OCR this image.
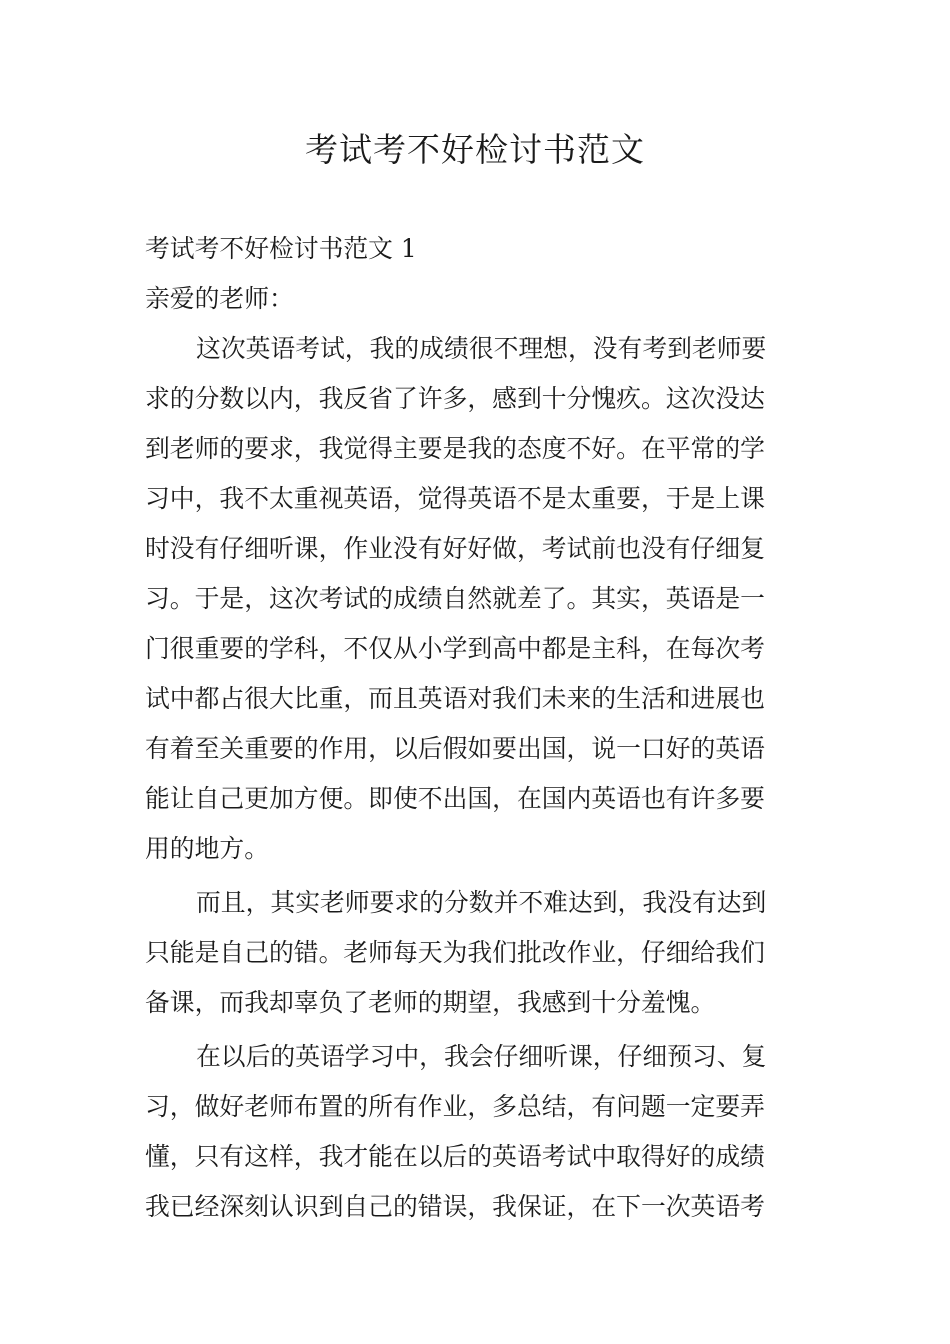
考试考不好检讨书范文
考试考不好检讨书范文 1
亲爱的老师：
这次英语考试，我的成绩很不理想，没有考到老师要
求的分数以内，我反省了许多，感到十分愧疚。这次没达
到老师的要求，我觉得主要是我的态度不好。在平常的学
习中，我不太重视英语，觉得英语不是太重要，于是上课
时没有仔细听课，作业没有好好做，考试前也没有仔细复
习。于是，这次考试的成绩自然就差了。其实，英语是一
门很重要的学科，不仅从小学到高中都是主科，在每次考
试中都占很大比重，而且英语对我们未来的生活和进展也
有着至关重要的作用，以后假如要出国，说一口好的英语
能让自己更加方便。即使不出国，在国内英语也有许多要
用的地方。
而且，其实老师要求的分数并不难达到，我没有达到
只能是自己的错。老师每天为我们批改作业，仔细给我们
备课，而我却辜负了老师的期望，我感到十分羞愧。
在以后的英语学习中，我会仔细听课，仔细预习、复
习，做好老师布置的所有作业，多总结，有问题一定要弄
懂，只有这样，我才能在以后的英语考试中取得好的成绩
我已经深刻认识到自己的错误，我保证，在下一次英语考
